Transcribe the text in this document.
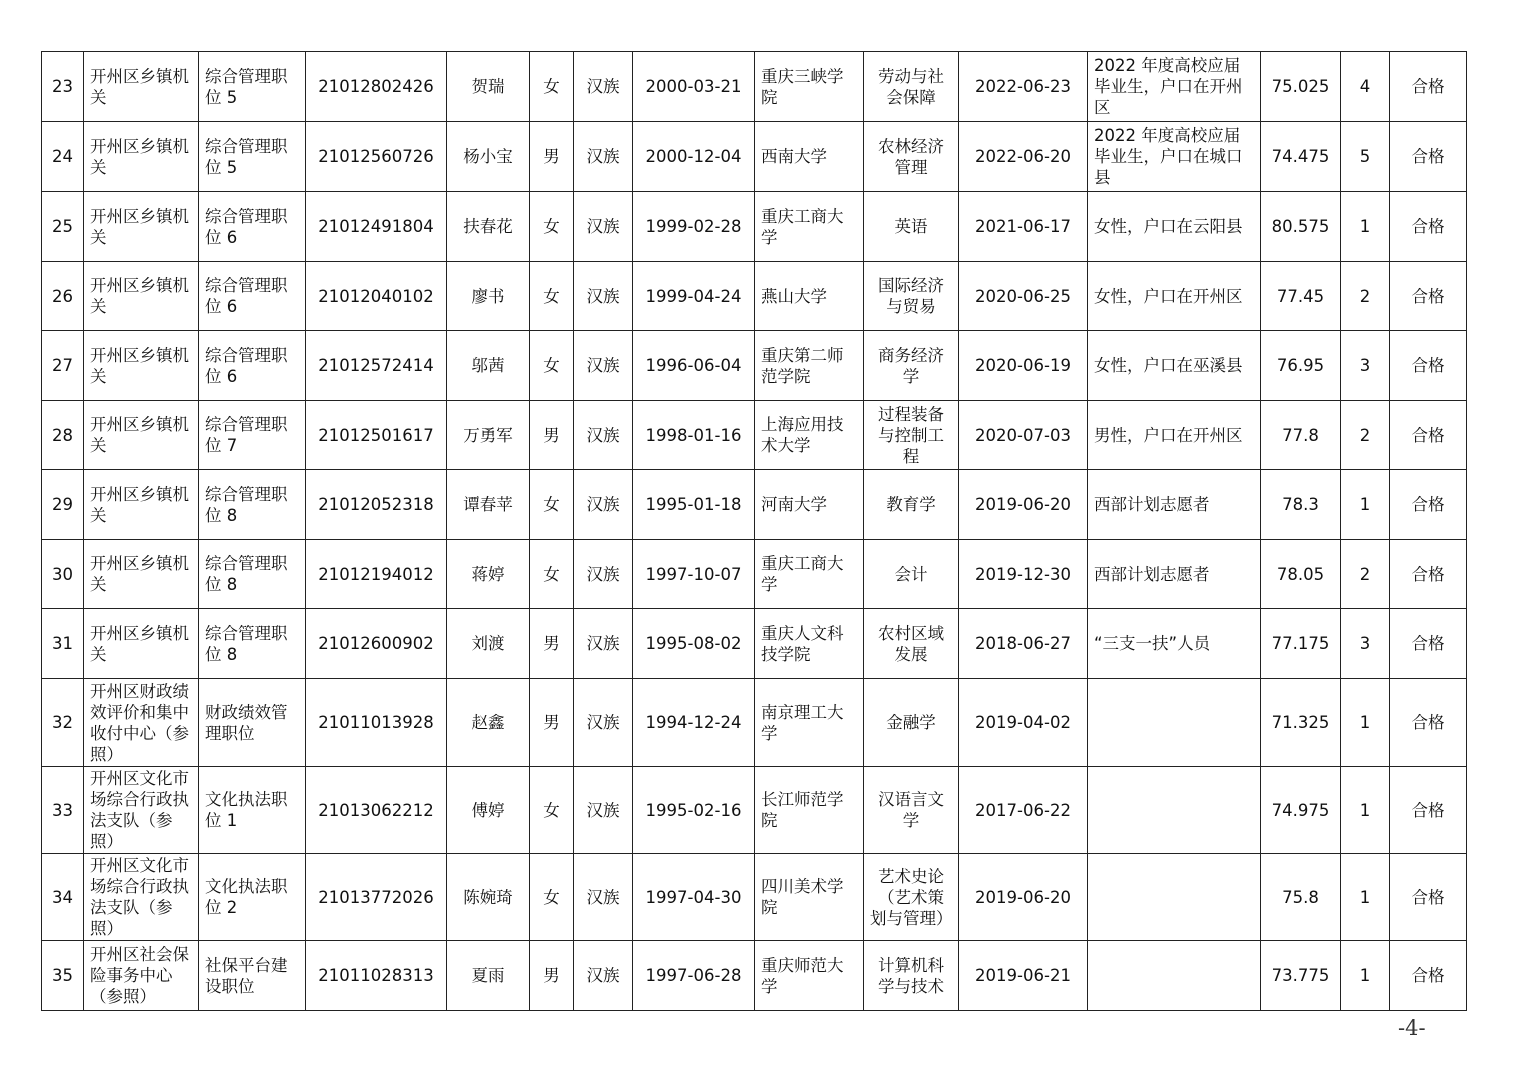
23	开州区乡镇机关	综合管理职位 5	21012802426	贺瑞	女	汉族	2000-03-21	重庆三峡学院	劳动与社会保障	2022-06-23	2022 年度高校应届毕业生，户口在开州区	75.025	4	合格
24	开州区乡镇机关	综合管理职位 5	21012560726	杨小宝	男	汉族	2000-12-04	西南大学	农林经济管理	2022-06-20	2022 年度高校应届毕业生，户口在城口县	74.475	5	合格
25	开州区乡镇机关	综合管理职位 6	21012491804	扶春花	女	汉族	1999-02-28	重庆工商大学	英语	2021-06-17	女性，户口在云阳县	80.575	1	合格
26	开州区乡镇机关	综合管理职位 6	21012040102	廖书	女	汉族	1999-04-24	燕山大学	国际经济与贸易	2020-06-25	女性，户口在开州区	77.45	2	合格
27	开州区乡镇机关	综合管理职位 6	21012572414	邬茜	女	汉族	1996-06-04	重庆第二师范学院	商务经济学	2020-06-19	女性，户口在巫溪县	76.95	3	合格
28	开州区乡镇机关	综合管理职位 7	21012501617	万勇军	男	汉族	1998-01-16	上海应用技术大学	过程装备与控制工程	2020-07-03	男性，户口在开州区	77.8	2	合格
29	开州区乡镇机关	综合管理职位 8	21012052318	谭春苹	女	汉族	1995-01-18	河南大学	教育学	2019-06-20	西部计划志愿者	78.3	1	合格
30	开州区乡镇机关	综合管理职位 8	21012194012	蒋婷	女	汉族	1997-10-07	重庆工商大学	会计	2019-12-30	西部计划志愿者	78.05	2	合格
31	开州区乡镇机关	综合管理职位 8	21012600902	刘渡	男	汉族	1995-08-02	重庆人文科技学院	农村区域发展	2018-06-27	“三支一扶”人员	77.175	3	合格
32	开州区财政绩效评价和集中收付中心（参照）	财政绩效管理职位	21011013928	赵鑫	男	汉族	1994-12-24	南京理工大学	金融学	2019-04-02		71.325	1	合格
33	开州区文化市场综合行政执法支队（参照）	文化执法职位 1	21013062212	傅婷	女	汉族	1995-02-16	长江师范学院	汉语言文学	2017-06-22		74.975	1	合格
34	开州区文化市场综合行政执法支队（参照）	文化执法职位 2	21013772026	陈婉琦	女	汉族	1997-04-30	四川美术学院	艺术史论（艺术策划与管理）	2019-06-20		75.8	1	合格
35	开州区社会保险事务中心（参照）	社保平台建设职位	21011028313	夏雨	男	汉族	1997-06-28	重庆师范大学	计算机科学与技术	2019-06-21		73.775	1	合格
-4-
